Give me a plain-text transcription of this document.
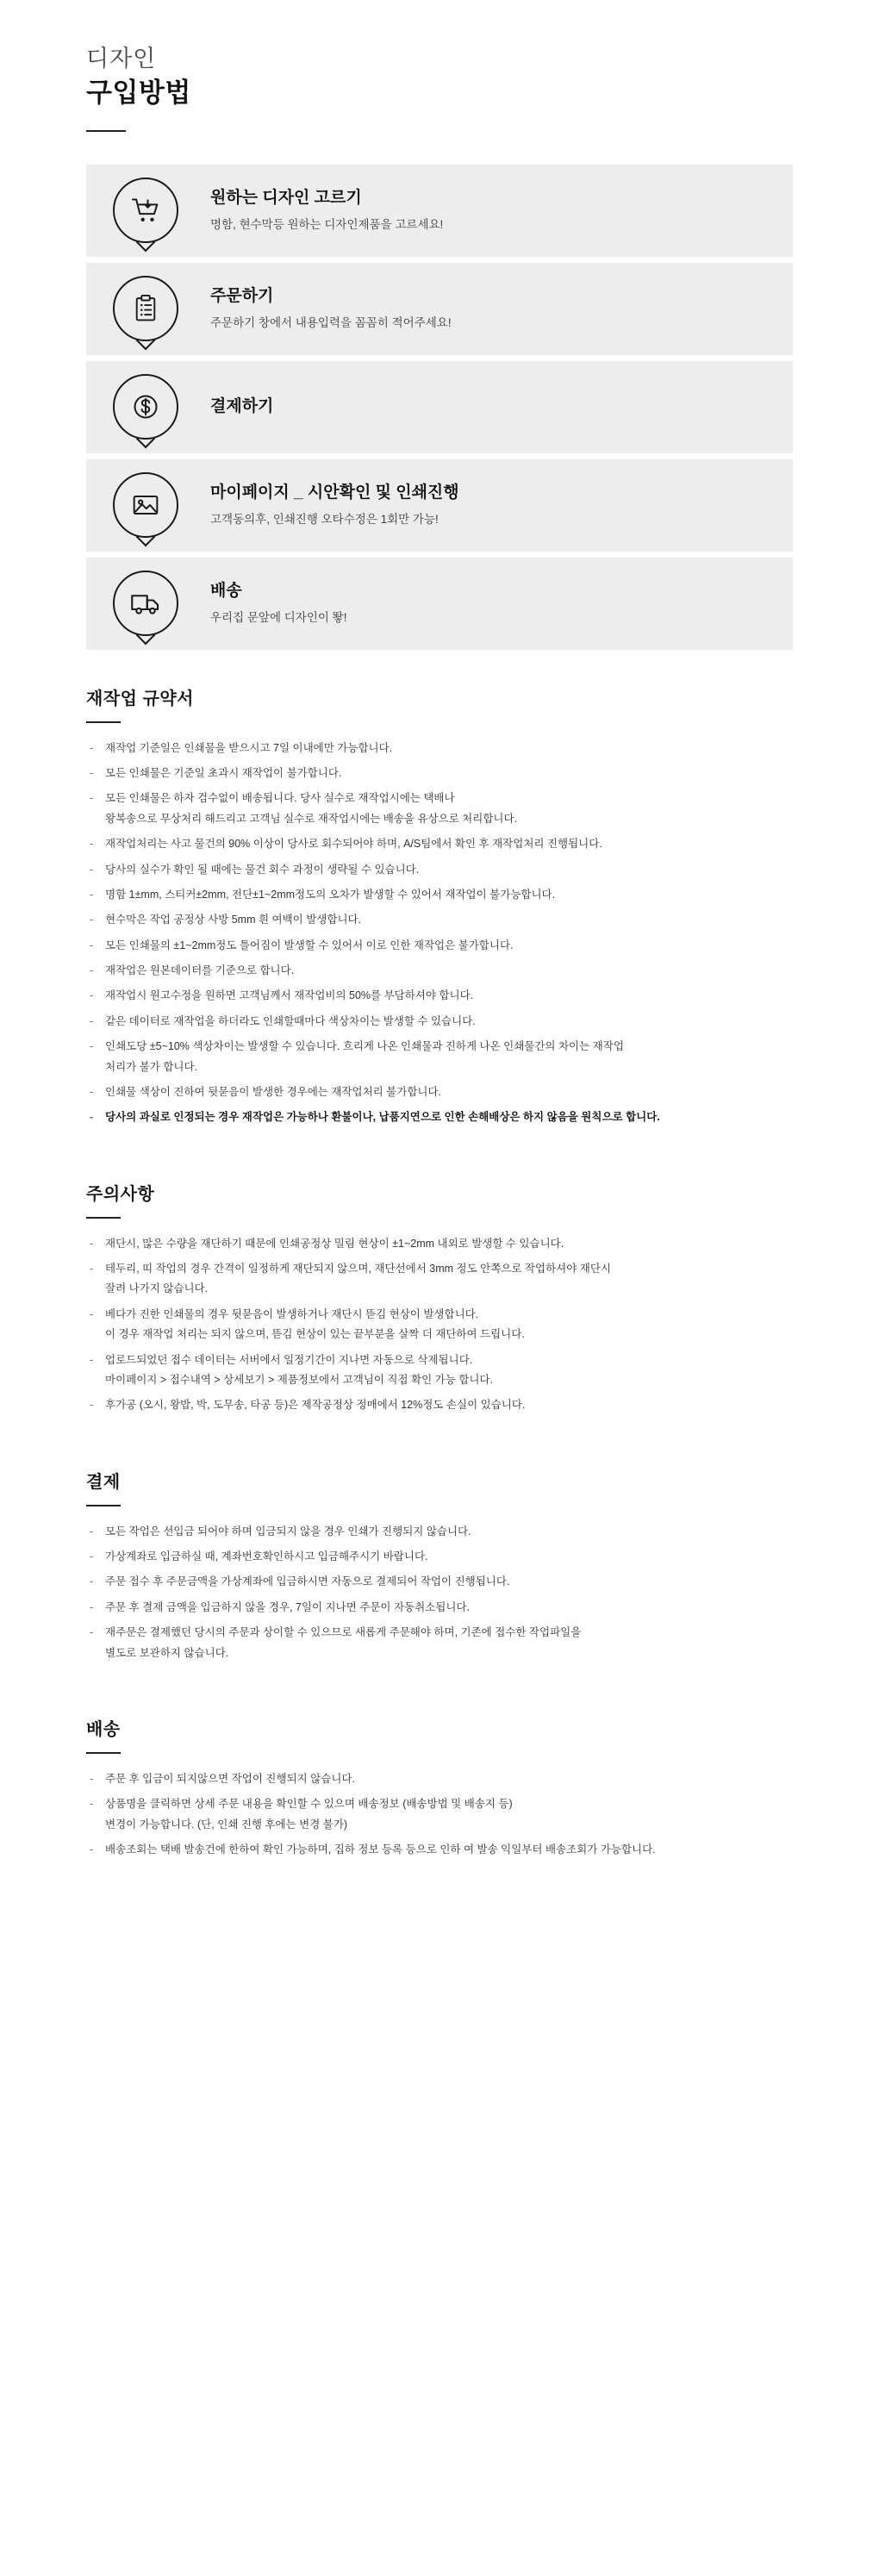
디자인
구입방법
원하는 디자인 고르기
명함, 현수막등 원하는 디자인제품을 고르세요!
주문하기
주문하기 창에서 내용입력을 꼼꼼히 적어주세요!
결제하기
마이페이지 _ 시안확인 및 인쇄진행
고객동의후, 인쇄진행 오타수정은 1회만 가능!
배송
우리집 문앞에 디자인이 뙇!
재작업 규약서
- 재작업 기준일은 인쇄물을 받으시고 7일 이내에만 가능합니다.
- 모든 인쇄물은 기준일 초과시 재작업이 불가합니다.
- 모든 인쇄물은 하자 검수없이 배송됩니다. 당사 실수로 재작업시에는 택배나
왕복송으로 무상처리 해드리고 고객님 실수로 재작업시에는 배송을 유상으로 처리합니다.
- 재작업처리는 사고 물건의 90% 이상이 당사로 회수되어야 하며, A/S팀에서 확인 후 재작업처리 진행됩니다.
- 당사의 실수가 확인 될 때에는 물건 회수 과정이 생략될 수 있습니다.
- 명함 1±mm, 스티커±2mm, 전단±1~2mm정도의 오차가 발생할 수 있어서 재작업이 불가능합니다.
- 현수막은 작업 공정상 사방 5mm 흰 여백이 발생합니다.
- 모든 인쇄물의 ±1~2mm정도 틀어짐이 발생할 수 있어서 이로 인한 재작업은 불가합니다.
- 재작업은 원본데이터를 기준으로 합니다.
- 재작업시 원고수정을 원하면 고객님께서 재작업비의 50%를 부담하셔야 합니다.
- 같은 데이터로 재작업을 하더라도 인쇄할때마다 색상차이는 발생할 수 있습니다.
- 인쇄도당 ±5~10% 색상차이는 발생할 수 있습니다. 흐리게 나온 인쇄물과 진하게 나온 인쇄물간의 차이는 재작업
처리가 불가 합니다.
- 인쇄물 색상이 진하여 뒷묻음이 발생한 경우에는 재작업처리 불가합니다.
- 당사의 과실로 인정되는 경우 재작업은 가능하나 환불이나, 납품지연으로 인한 손해배상은 하지 않음을 원칙으로 합니다.
주의사항
- 재단시, 많은 수량을 재단하기 때문에 인쇄공정상 밀림 현상이 ±1~2mm 내외로 발생할 수 있습니다.
- 테두리, 띠 작업의 경우 간격이 일정하게 재단되지 않으며, 재단선에서 3mm 정도 안쪽으로 작업하셔야 재단시
잘려 나가지 않습니다.
- 베다가 진한 인쇄물의 경우 뒷묻음이 발생하거나 재단시 뜯김 현상이 발생합니다.
이 경우 재작업 처리는 되지 않으며, 뜯김 현상이 있는 끝부분을 살짝 더 재단하여 드립니다.
- 업로드되었던 접수 데이터는 서버에서 일정기간이 지나면 자동으로 삭제됩니다.
마이페이지 > 접수내역 > 상세보기 > 제품정보에서 고객님이 직접 확인 가능 합니다.
- 후가공 (오시, 왕밥, 박, 도무송, 타공 등)은 제작공정상 정매에서 12%정도 손실이 있습니다.
결제
- 모든 작업은 선입금 되어야 하며 입금되지 않을 경우 인쇄가 진행되지 않습니다.
- 가상계좌로 입금하실 때, 계좌번호확인하시고 입금해주시기 바랍니다.
- 주문 접수 후 주문금액을 가상계좌에 입금하시면 자동으로 결제되어 작업이 진행됩니다.
- 주문 후 결제 금액을 입금하지 않을 경우, 7일이 지나면 주문이 자동취소됩니다.
- 재주문은 결제했던 당시의 주문과 상이할 수 있으므로 새롭게 주문해야 하며, 기존에 접수한 작업파일을
별도로 보관하지 않습니다.
배송
- 주문 후 입금이 되지않으면 작업이 진행되지 않습니다.
- 상품명을 클릭하면 상세 주문 내용을 확인할 수 있으며 배송정보 (배송방법 및 배송지 등)
변경이 가능합니다. (단, 인쇄 진행 후에는 변경 불가)
- 배송조회는 택배 발송건에 한하여 확인 가능하며, 집하 정보 등록 등으로 인하 여 발송 익일부터 배송조회가 가능합니다.
